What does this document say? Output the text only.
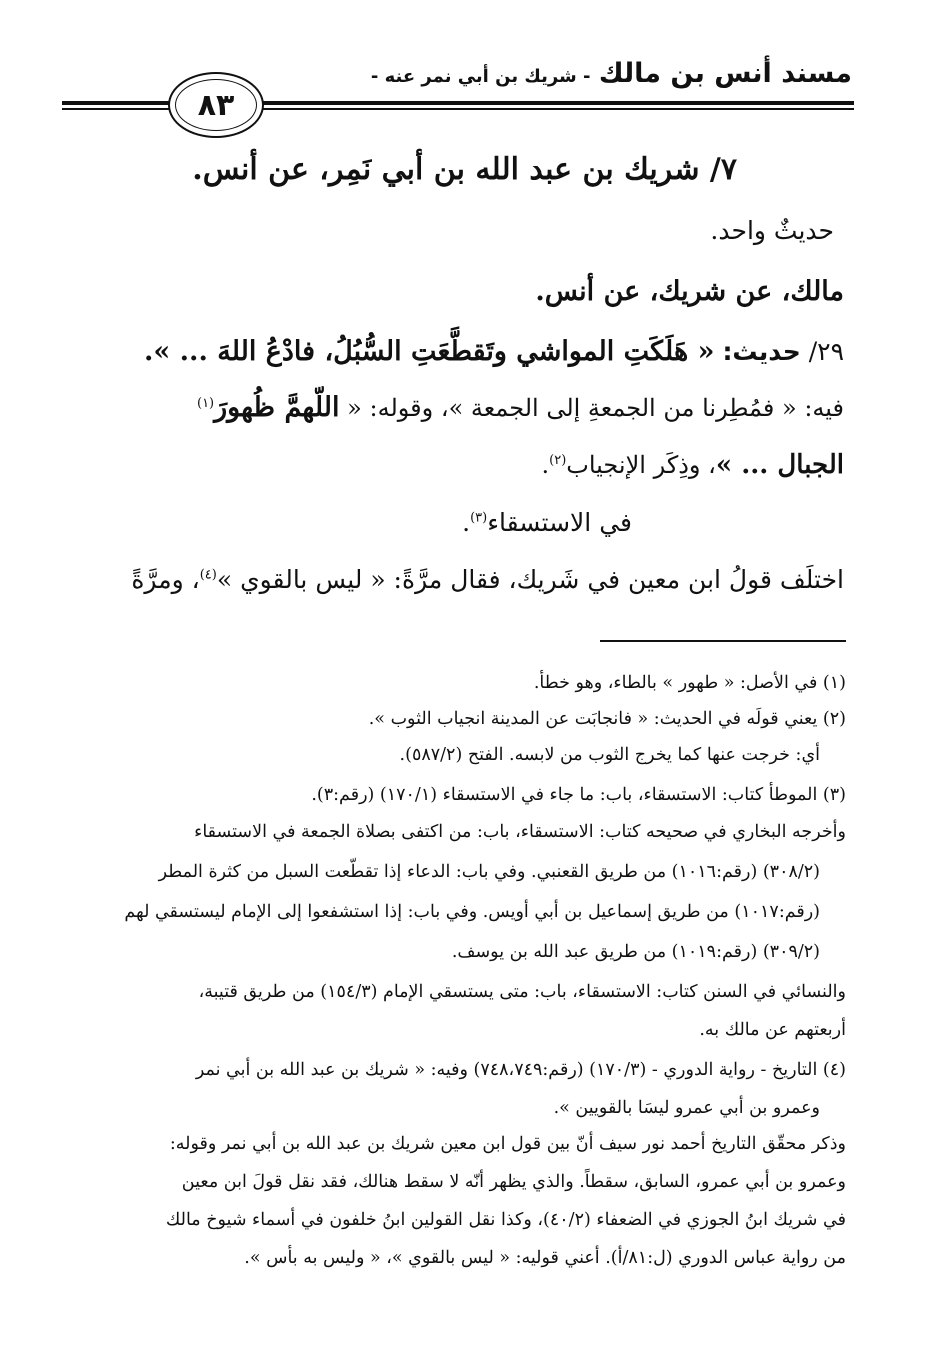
مسند أنس بن مالك - شريك بن أبي نمر عنه -
٨٣
٧/ شريك بن عبد الله بن أبي نَمِر، عن أنس.
حديثٌ واحد.
مالك، عن شريك، عن أنس.
٢٩/ حديث: « هَلَكَتِ المواشي وتَقطَّعَتِ السُّبُلُ، فادْعُ اللهَ ... ».
فيه: « فمُطِرنا من الجمعةِ إلى الجمعة »، وقوله: « اللّهمَّ ظُهورَ$^{(١)}$
الجبال ... »، وذِكَر الإنجياب$^{(٢)}$.
في الاستسقاء$^{(٣)}$.
اختلَف قولُ ابن معين في شَريك، فقال مرَّةً: « ليس بالقوي »$^{(٤)}$، ومرَّةً
(١) في الأصل: « طهور » بالطاء، وهو خطأ.
(٢) يعني قولَه في الحديث: « فانجابَت عن المدينة انجياب الثوب ».
أي: خرجت عنها كما يخرج الثوب من لابسه. الفتح (٥٨٧/٢).
(٣) الموطأ كتاب: الاستسقاء، باب: ما جاء في الاستسقاء (١٧٠/١) (رقم:٣).
وأخرجه البخاري في صحيحه كتاب: الاستسقاء، باب: من اكتفى بصلاة الجمعة في الاستسقاء
(٣٠٨/٢) (رقم:١٠١٦) من طريق القعنبي. وفي باب: الدعاء إذا تقطّعت السبل من كثرة المطر
(رقم:١٠١٧) من طريق إسماعيل بن أبي أويس. وفي باب: إذا استشفعوا إلى الإمام ليستسقي لهم
(٣٠٩/٢) (رقم:١٠١٩) من طريق عبد الله بن يوسف.
والنسائي في السنن كتاب: الاستسقاء، باب: متى يستسقي الإمام (١٥٤/٣) من طريق قتيبة،
أربعتهم عن مالك به.
(٤) التاريخ - رواية الدوري - (١٧٠/٣) (رقم:٧٤٨،٧٤٩) وفيه: « شريك بن عبد الله بن أبي نمر
وعمرو بن أبي عمرو ليسَا بالقويين ».
وذكر محقّق التاريخ أحمد نور سيف أنّ بين قول ابن معين شريك بن عبد الله بن أبي نمر وقوله:
وعمرو بن أبي عمرو، السابق، سقطاً. والذي يظهر أنّه لا سقط هنالك، فقد نقل قولَ ابن معين
في شريك ابنُ الجوزي في الضعفاء (٤٠/٢)، وكذا نقل القولين ابنُ خلفون في أسماء شيوخ مالك
من رواية عباس الدوري (ل:٨١/أ). أعني قوليه: « ليس بالقوي »، « وليس به بأس ».
